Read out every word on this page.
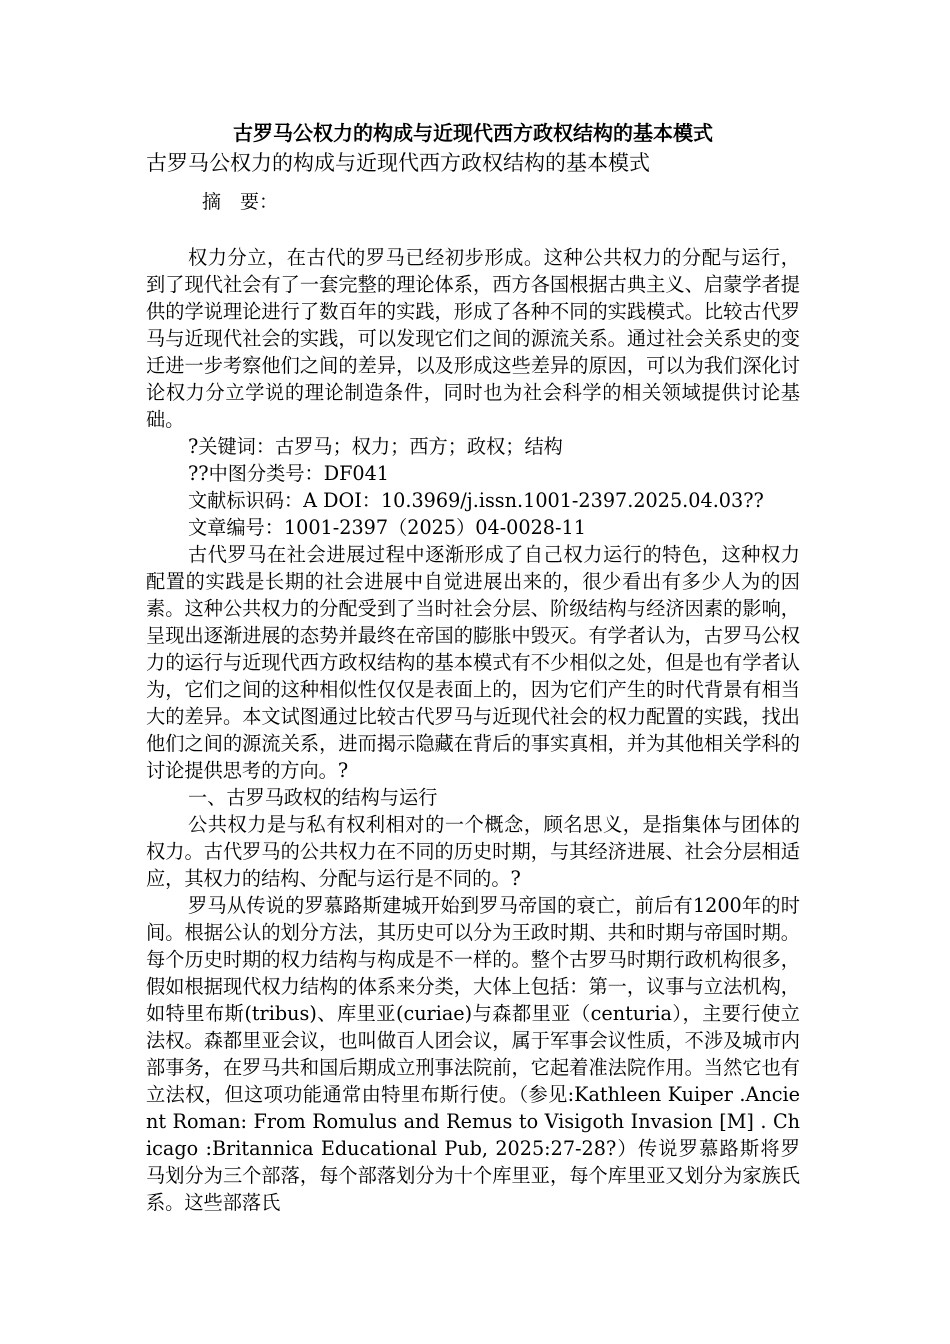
古罗马公权力的构成与近现代西方政权结构的基本模式

古罗马公权力的构成与近现代西方政权结构的基本模式

摘　要：

权力分立，在古代的罗马已经初步形成。这种公共权力的分配与运行，到了现代社会有了一套完整的理论体系，西方各国根据古典主义、启蒙学者提供的学说理论进行了数百年的实践，形成了各种不同的实践模式。比较古代罗马与近现代社会的实践，可以发现它们之间的源流关系。通过社会关系史的变迁进一步考察他们之间的差异，以及形成这些差异的原因，可以为我们深化讨论权力分立学说的理论制造条件，同时也为社会科学的相关领域提供讨论基础。

?关键词：古罗马；权力；西方；政权；结构

??中图分类号：DF041

文献标识码：A DOI：10.3969/j.issn.1001-2397.2025.04.03??

文章编号：1001-2397（2025）04-0028-11

古代罗马在社会进展过程中逐渐形成了自己权力运行的特色，这种权力配置的实践是长期的社会进展中自觉进展出来的，很少看出有多少人为的因素。这种公共权力的分配受到了当时社会分层、阶级结构与经济因素的影响，呈现出逐渐进展的态势并最终在帝国的膨胀中毁灭。有学者认为，古罗马公权力的运行与近现代西方政权结构的基本模式有不少相似之处，但是也有学者认为，它们之间的这种相似性仅仅是表面上的，因为它们产生的时代背景有相当大的差异。本文试图通过比较古代罗马与近现代社会的权力配置的实践，找出他们之间的源流关系，进而揭示隐藏在背后的事实真相，并为其他相关学科的讨论提供思考的方向。?

一、古罗马政权的结构与运行

公共权力是与私有权利相对的一个概念，顾名思义，是指集体与团体的权力。古代罗马的公共权力在不同的历史时期，与其经济进展、社会分层相适应，其权力的结构、分配与运行是不同的。?

罗马从传说的罗慕路斯建城开始到罗马帝国的衰亡，前后有1200年的时间。根据公认的划分方法，其历史可以分为王政时期、共和时期与帝国时期。每个历史时期的权力结构与构成是不一样的。整个古罗马时期行政机构很多，假如根据现代权力结构的体系来分类，大体上包括：第一，议事与立法机构，如特里布斯(tribus)、库里亚(curiae)与森都里亚（centuria），主要行使立法权。森都里亚会议，也叫做百人团会议，属于军事会议性质，不涉及城市内部事务，在罗马共和国后期成立刑事法院前，它起着准法院作用。当然它也有立法权，但这项功能通常由特里布斯行使。（参见:Kathleen Kuiper .Ancient Roman: From Romulus and Remus to Visigoth Invasion [M] . Chicago :Britannica Educational Pub, 2025:27-28?）传说罗慕路斯将罗马划分为三个部落，每个部落划分为十个库里亚，每个库里亚又划分为家族氏系。这些部落氏
